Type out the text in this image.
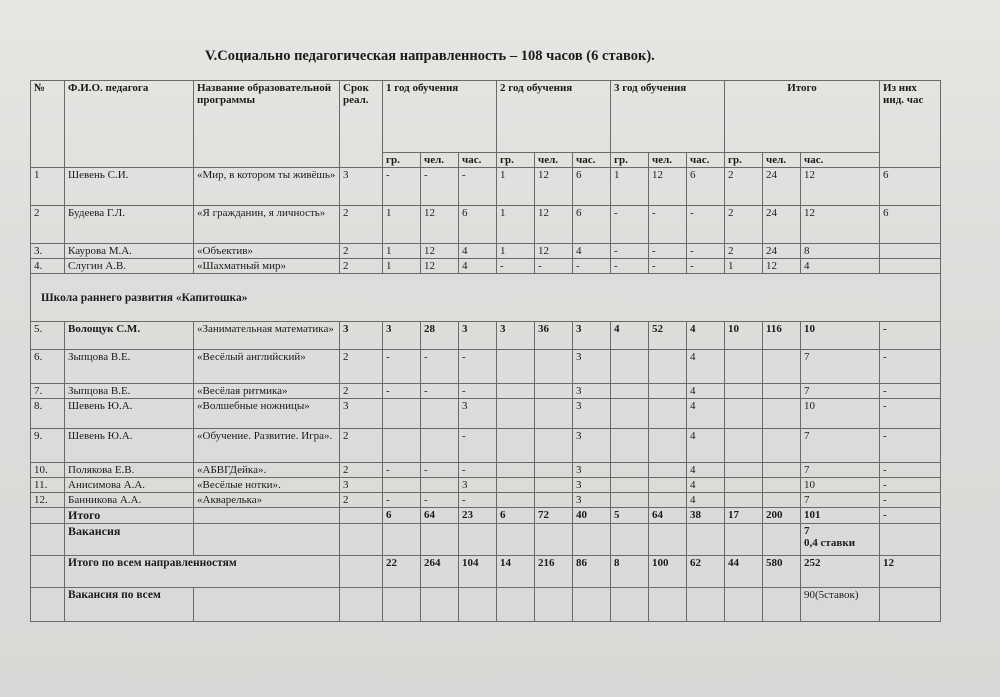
V.Социально педагогическая направленность – 108 часов (6 ставок).
№	Ф.И.О. педагога	Название образовательной программы	Срок реал.	1 год обучения			2 год обучения			3 год обучения			Итого			Из них инд. час
				гр.	чел.	час.	гр.	чел.	час.	гр.	чел.	час.	гр.	чел.	час.	
1	Шевень С.И.	«Мир, в котором ты живёшь»	3	-	-	-	1	12	6	1	12	6	2	24	12	6
2	Будеева Г.Л.	«Я гражданин, я личность»	2	1	12	6	1	12	6	-	-	-	2	24	12	6
3.	Каурова М.А.	«Объектив»	2	1	12	4	1	12	4	-	-	-	2	24	8	
4.	Слугин А.В.	«Шахматный мир»	2	1	12	4	-	-	-	-	-	-	1	12	4	
Школа раннего развития «Капитошка»																
5.	Волощук С.М.	«Занимательная математика»	3	3	28	3	3	36	3	4	52	4	10	116	10	-
6.	Зыпцова В.Е.	«Весёлый английский»	2	-	-	-			3			4			7	-
7.	Зыпцова В.Е.	«Весёлая ритмика»	2	-	-	-			3			4			7	-
8.	Шевень Ю.А.	«Волшебные ножницы»	3			3			3			4			10	-
9.	Шевень Ю.А.	«Обучение. Развитие. Игра».	2			-			3			4			7	-
10.	Полякова Е.В.	«АБВГДейка».	2	-	-	-			3			4			7	-
11.	Анисимова А.А.	«Весёлые нотки».	3			3			3			4			10	-
12.	Банникова А.А.	«Акварелька»	2	-	-	-			3			4			7	-
	Итого			6	64	23	6	72	40	5	64	38	17	200	101	-
	Вакансия														7
0,4 ставки	

	Итого по всем направленностям			22	264	104	14	216	86	8	100	62	44	580	252	12
	Вакансия по всем														90(5ставок)	
